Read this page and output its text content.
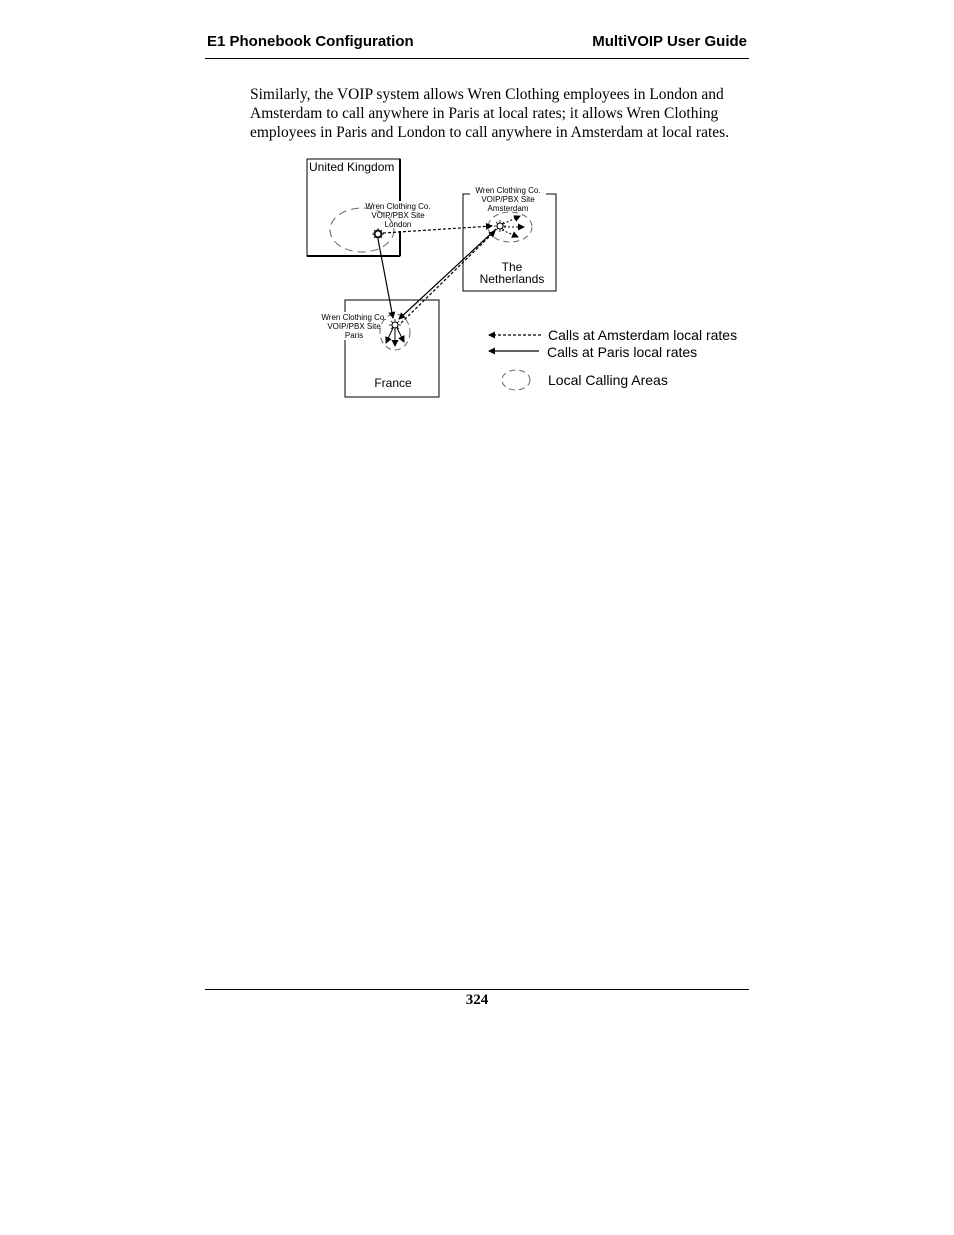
E1 Phonebook Configuration	MultiVOIP User Guide

Similarly, the VOIP system allows Wren Clothing employees in London and Amsterdam to call anywhere in Paris at local rates; it allows Wren Clothing employees in Paris and London to call anywhere in Amsterdam at local rates.

United Kingdom
The
Netherlands
France
Wren Clothing Co.
VOIP/PBX Site
London
Wren Clothing Co.
VOIP/PBX Site
Amsterdam
Wren Clothing Co.
VOIP/PBX Site
Paris	Calls at Amsterdam local rates
Calls at Paris local rates
Local Calling Areas
324
